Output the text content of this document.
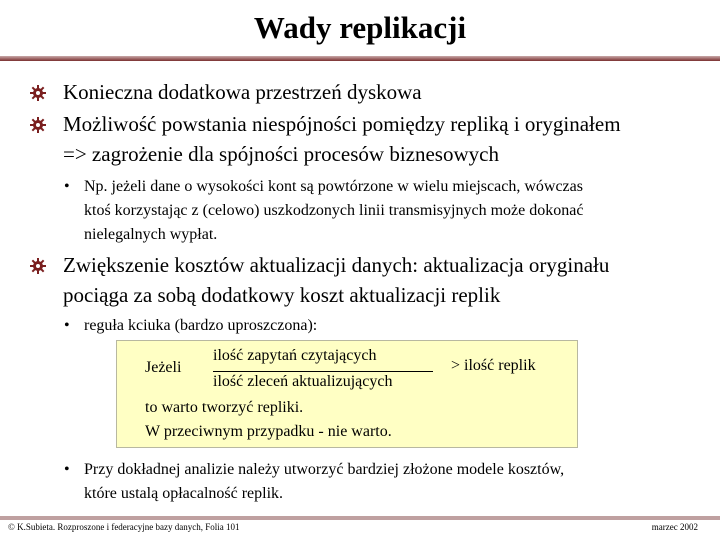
Wady replikacji
Konieczna dodatkowa przestrzeń dyskowa
Możliwość powstania niespójności pomiędzy repliką i oryginałem
=> zagrożenie dla spójności procesów biznesowych
• Np. jeżeli dane o wysokości kont są powtórzone w wielu miejscach, wówczas
ktoś korzystając z (celowo) uszkodzonych linii transmisyjnych może dokonać
nielegalnych wypłat.
Zwiększenie kosztów aktualizacji danych: aktualizacja oryginału
pociąga za sobą dodatkowy koszt aktualizacji replik
• reguła kciuka (bardzo uproszczona):
Jeżeli
ilość zapytań czytających
ilość zleceń aktualizujących
> ilość replik
to warto tworzyć repliki.
W przeciwnym przypadku - nie warto.
• Przy dokładnej analizie należy utworzyć bardziej złożone modele kosztów,
które ustalą opłacalność replik.
© K.Subieta. Rozproszone i federacyjne bazy danych, Folia 101	marzec 2002
